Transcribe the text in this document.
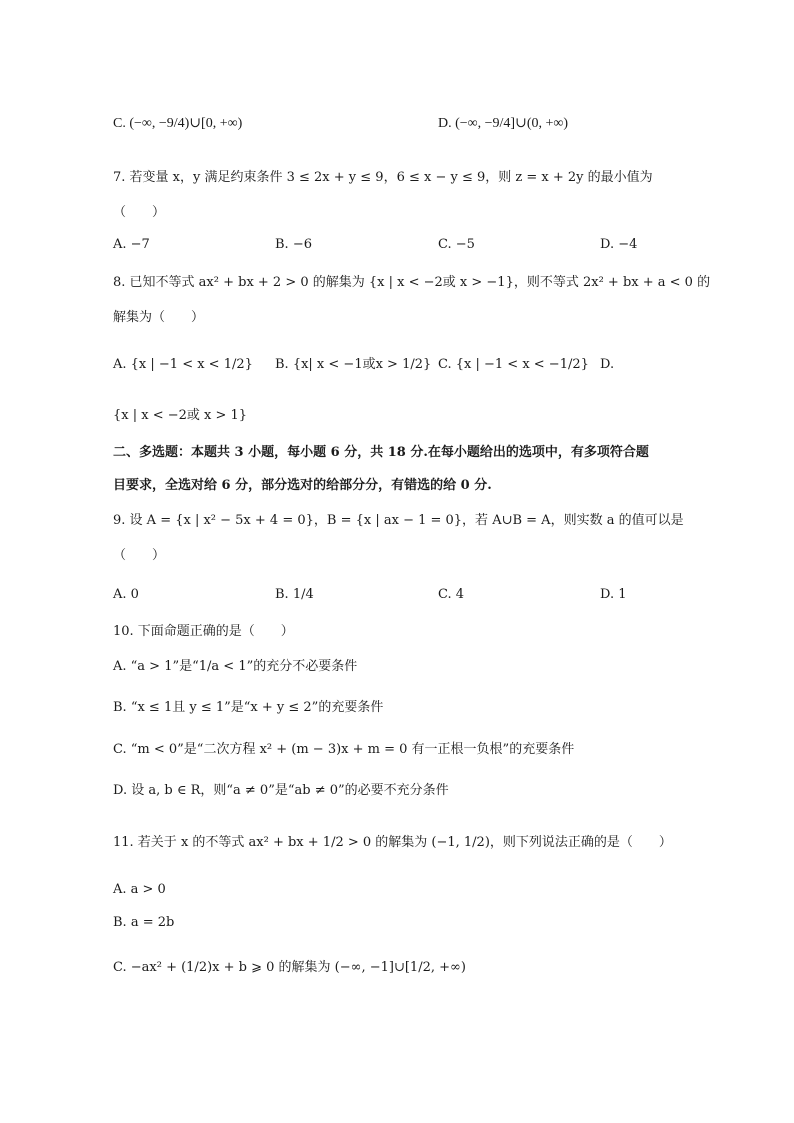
C. (−∞, −9/4)∪[0, +∞)	D. (−∞, −9/4]∪(0, +∞)
7. 若变量 x，y 满足约束条件 3 ≤ 2x + y ≤ 9，6 ≤ x − y ≤ 9，则 z = x + 2y 的最小值为
（　　）
A. −7	B. −6	C. −5	D. −4
8. 已知不等式 ax² + bx + 2 > 0 的解集为 {x | x < −2或 x > −1}，则不等式 2x² + bx + a < 0 的
解集为（　　）
A. {x | −1 < x < 1/2} B. {x| x < −1或x > 1/2} C. {x | −1 < x < −1/2} D.
{x | x < −2或 x > 1}
二、多选题：本题共 3 小题，每小题 6 分，共 18 分.在每小题给出的选项中，有多项符合题
目要求，全选对给 6 分，部分选对的给部分分，有错选的给 0 分.
9. 设 A = {x | x² − 5x + 4 = 0}，B = {x | ax − 1 = 0}，若 A∪B = A，则实数 a 的值可以是
（　　）
A. 0	B. 1/4	C. 4	D. 1
10. 下面命题正确的是（　　）
A. “a > 1”是“1/a < 1”的充分不必要条件
B. “x ≤ 1且 y ≤ 1”是“x + y ≤ 2”的充要条件
C. “m < 0”是“二次方程 x² + (m − 3)x + m = 0 有一正根一负根”的充要条件
D. 设 a, b ∈ R，则“a ≠ 0”是“ab ≠ 0”的必要不充分条件
11. 若关于 x 的不等式 ax² + bx + 1/2 > 0 的解集为 (−1, 1/2)，则下列说法正确的是（　　）
A. a > 0
B. a = 2b
C. −ax² + (1/2)x + b ⩾ 0 的解集为 (−∞, −1]∪[1/2, +∞)
